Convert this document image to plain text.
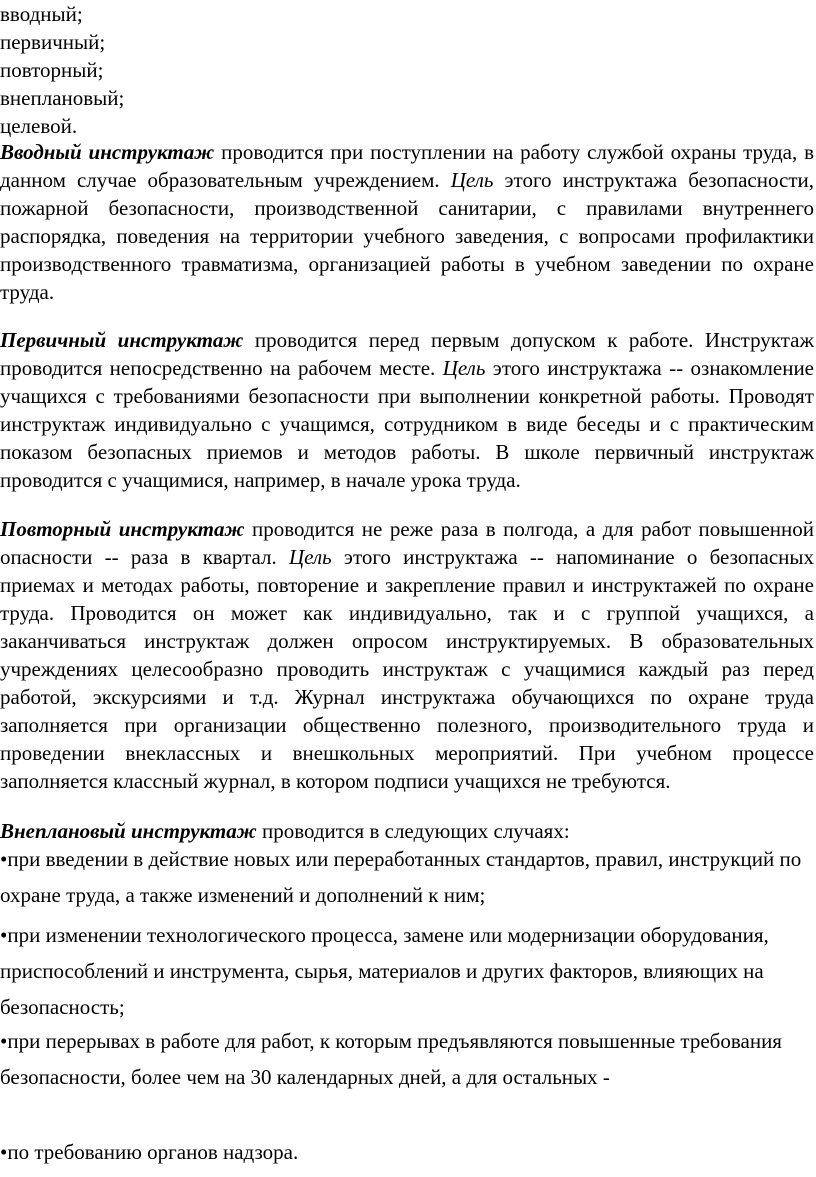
вводный;
первичный;
повторный;
внеплановый;
целевой.

Вводный инструктаж проводится при поступлении на работу службой охраны труда, в данном случае образовательным учреждением. Цель этого инструктажа безопасности, пожарной безопасности, производственной санитарии, с правилами внутреннего распорядка, поведения на территории учебного заведения, с вопросами профилактики производственного травматизма, организацией работы в учебном заведении по охране труда.

Первичный инструктаж проводится перед первым допуском к работе. Инструктаж проводится непосредственно на рабочем месте. Цель этого инструктажа -- ознакомление учащихся с требованиями безопасности при выполнении конкретной работы. Проводят инструктаж индивидуально с учащимся, сотрудником в виде беседы и с практическим показом безопасных приемов и методов работы. В школе первичный инструктаж проводится с учащимися, например, в начале урока труда.

Повторный инструктаж проводится не реже раза в полгода, а для работ повышенной опасности -- раза в квартал. Цель этого инструктажа -- напоминание о безопасных приемах и методах работы, повторение и закрепление правил и инструктажей по охране труда. Проводится он может как индивидуально, так и с группой учащихся, а заканчиваться инструктаж должен опросом инструктируемых. В образовательных учреждениях целесообразно проводить инструктаж с учащимися каждый раз перед работой, экскурсиями и т.д. Журнал инструктажа обучающихся по охране труда заполняется при организации общественно полезного, производительного труда и проведении внеклассных и внешкольных мероприятий. При учебном процессе заполняется классный журнал, в котором подписи учащихся не требуются.

Внеплановый инструктаж проводится в следующих случаях:

•при введении в действие новых или переработанных стандартов, правил, инструкций по охране труда, а также изменений и дополнений к ним;

•при изменении технологического процесса, замене или модернизации оборудования, приспособлений и инструмента, сырья, материалов и других факторов, влияющих на безопасность;

•при перерывах в работе для работ, к которым предъявляются повышенные требования безопасности, более чем на 30 календарных дней, а для остальных -

•по требованию органов надзора.
